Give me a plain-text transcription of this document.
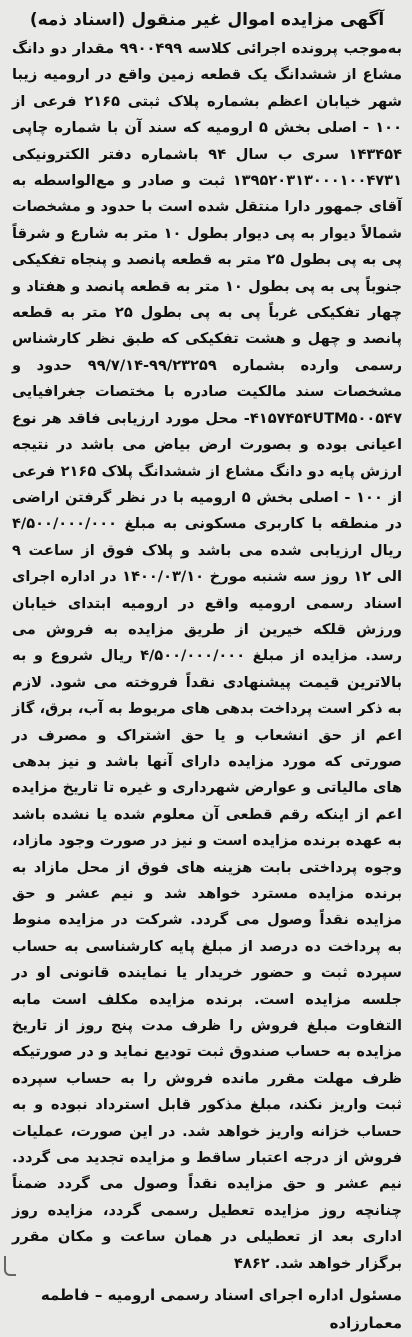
آگهی مزایده اموال غیر منقول (اسناد ذمه)

به‌موجب پرونده اجرائی کلاسه ۹۹۰۰۴۹۹ مقدار دو دانگ مشاع از ششدانگ یک قطعه زمین واقع در ارومیه زیبا شهر خیابان اعظم بشماره پلاک ثبتی ۲۱۶۵ فرعی از ۱۰۰ - اصلی بخش ۵ ارومیه که سند آن با شماره چاپی ۱۴۳۴۵۴ سری ب سال ۹۴ باشماره دفتر الکترونیکی ۱۳۹۵۲۰۳۱۳۰۰۰۱۰۰۴۷۳۱ ثبت و صادر و مع‌الواسطه به آقای جمهور دارا منتقل شده است با حدود و مشخصات شمالاً دیوار به پی دیوار بطول ۱۰ متر به شارع و شرقاً پی به پی بطول ۲۵ متر به قطعه پانصد و پنجاه تفکیکی جنوباً پی به پی بطول ۱۰ متر به قطعه پانصد و هفتاد و چهار تفکیکی غرباً پی به پی بطول ۲۵ متر به قطعه پانصد و چهل و هشت تفکیکی که طبق نظر کارشناس رسمی وارده بشماره ۹۹/۲۳۲۵۹-۹۹/۷/۱۴ حدود و مشخصات سند مالکیت صادره با مختصات جغرافیایی ۴۱۵۷۴۵۴UTM۵۰۰۵۴۷- محل مورد ارزیابی فاقد هر نوع اعیانی بوده و بصورت ارض بیاض می باشد در نتیجه ارزش پایه دو دانگ مشاع از ششدانگ پلاک ۲۱۶۵ فرعی از ۱۰۰ - اصلی بخش ۵ ارومیه با در نظر گرفتن اراضی در منطقه با کاربری مسکونی به مبلغ ۴/۵۰۰/۰۰۰/۰۰۰ ریال ارزیابی شده می باشد و پلاک فوق از ساعت ۹ الی ۱۲ روز سه شنبه مورخ ۱۴۰۰/۰۳/۱۰ در اداره اجرای اسناد رسمی ارومیه واقع در ارومیه ابتدای خیابان ورزش قلکه خیرین از طریق مزایده به فروش می رسد. مزایده از مبلغ ۴/۵۰۰/۰۰۰/۰۰۰ ریال شروع و به بالاترین قیمت پیشنهادی نقداً فروخته می شود. لازم به ذکر است پرداخت بدهی های مربوط به آب، برق، گاز اعم از حق انشعاب و یا حق اشتراک و مصرف در صورتی که مورد مزایده دارای آنها باشد و نیز بدهی های مالیاتی و عوارض شهرداری و غیره تا تاریخ مزایده اعم از اینکه رقم قطعی آن معلوم شده یا نشده باشد به عهده برنده مزایده است و نیز در صورت وجود مازاد، وجوه پرداختی بابت هزینه های فوق از محل مازاد به برنده مزایده مسترد خواهد شد و نیم عشر و حق مزایده نقداً وصول می گردد. شرکت در مزایده منوط به پرداخت ده درصد از مبلغ پایه کارشناسی به حساب سپرده ثبت و حضور خریدار یا نماینده قانونی او در جلسه مزایده است. برنده مزایده مکلف است مابه التفاوت مبلغ فروش را ظرف مدت پنج روز از تاریخ مزایده به حساب صندوق ثبت تودیع نماید و در صورتیکه ظرف مهلت مقرر مانده فروش را به حساب سپرده ثبت واریز نکند، مبلغ مذکور قابل استرداد نبوده و به حساب خزانه واریز خواهد شد. در این صورت، عملیات فروش از درجه اعتبار ساقط و مزایده تجدید می گردد. نیم عشر و حق مزایده نقداً وصول می گردد ضمناً چنانچه روز مزایده تعطیل رسمی گردد، مزایده روز اداری بعد از تعطیلی در همان ساعت و مکان مقرر برگزار خواهد شد. ۴۸۶۲

مسئول اداره اجرای اسناد رسمی ارومیه – فاطمه معمارزاده
